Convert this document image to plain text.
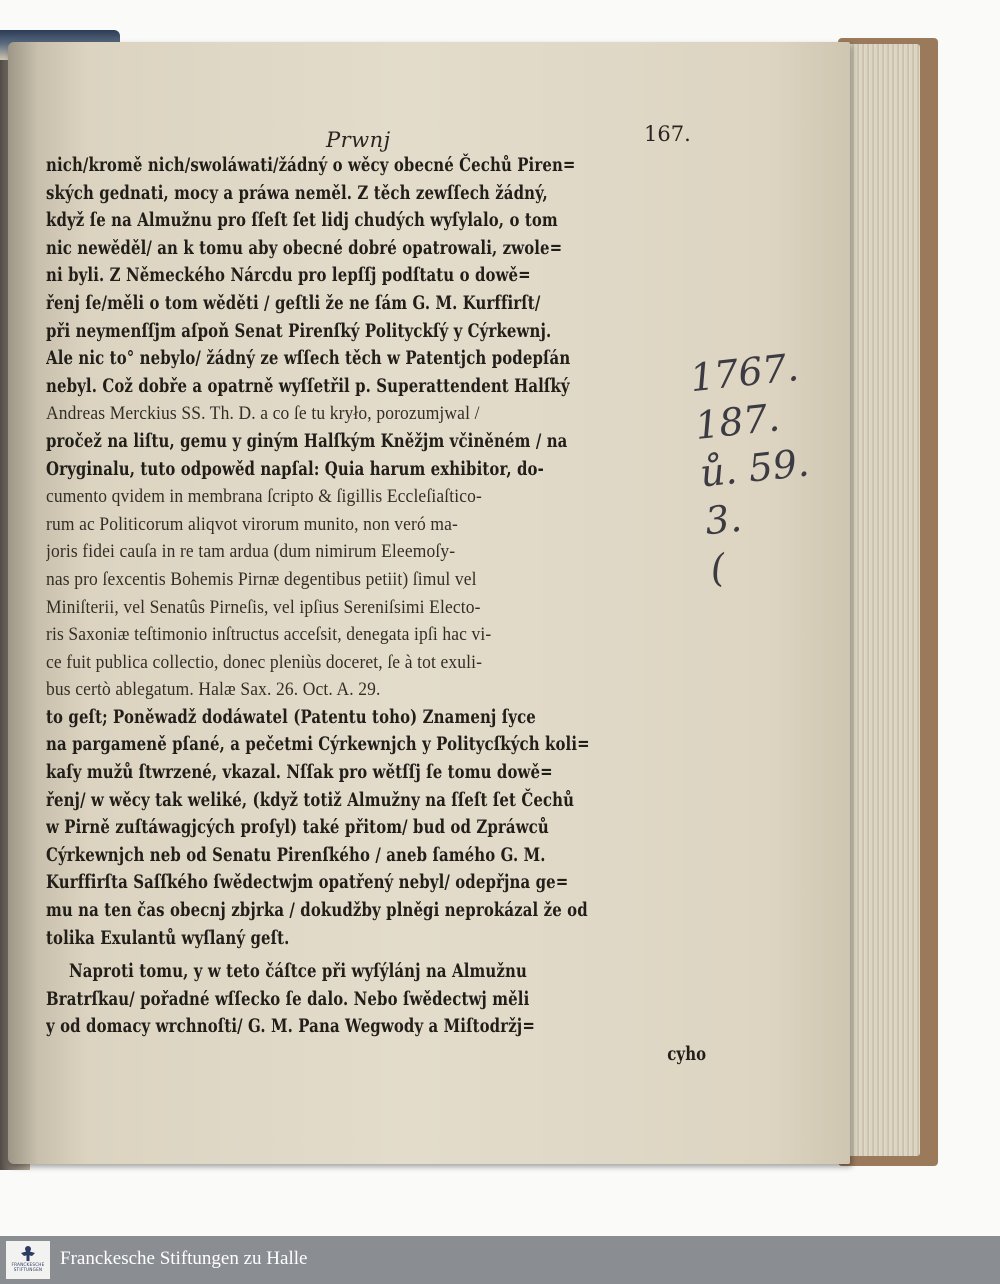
Prwnj	167.
nich/kromě nich/swoláwati/žádný o wěcy obecné Čechů Piren=
ských gednati, mocy a práwa neměl. Z těch zewſſech žádný,
když ſe na Almužnu pro ſſeſt ſet lidj chudých wyſylalo, o tom
nic newěděl/ an k tomu aby obecné dobré opatrowali, zwole=
ni byli. Z Německého Nárcdu pro lepſſj podſtatu o dowě=
řenj ſe/měli o tom wěděti / geſtli že ne ſám G. M. Kurffirſt/
při neymenſſjm aſpoň Senat Pirenſký Polityckſý y Cýrkewnj.
Ale nic to° nebylo/ žádný ze wſſech těch w Patentjch podepſán
nebyl. Což dobře a opatrně wyſſetřil p. Superattendent Halſký
Andreas Merckius SS. Th. D. a co ſe tu kryło, porozumjwal /
pročež na liſtu, gemu y giným Halſkým Kněžjm včiněném / na
Oryginalu, tuto odpowěd napſal: Quia harum exhibitor, do-
cumento qvidem in membrana ſcripto & ſigillis Eccleſiaſtico-
rum ac Politicorum aliqvot virorum munito, non veró ma-
joris fidei cauſa in re tam ardua (dum nimirum Eleemoſy-
nas pro ſexcentis Bohemis Pirnæ degentibus petiit) ſimul vel
Miniſterii, vel Senatûs Pirneſis, vel ipſius Sereniſsimi Electo-
ris Saxoniæ teſtimonio inſtructus acceſsit, denegata ipſi hac vi-
ce fuit publica collectio, donec pleniùs doceret, ſe à tot exuli-
bus certò ablegatum. Halæ Sax. 26. Oct. A. 29.
to geſt; Poněwadž dodáwatel (Patentu toho) Znamenj ſyce
na pargameně pſané, a pečetmi Cýrkewnjch y Politycſkých koli=
kaſy mužů ſtwrzené, vkazal. Nſſak pro wětſſj ſe tomu dowě=
řenj/ w wěcy tak weliké, (když totiž Almužny na ſſeſt ſet Čechů
w Pirně zuſtáwagjcých proſyl) také přitom/ bud od Zpráwců
Cýrkewnjch neb od Senatu Pirenſkého / aneb ſamého G. M.
Kurffirſta Saſſkého ſwědectwjm opatřený nebyl/ odepřjna ge=
mu na ten čas obecnj zbjrka / dokudžby plněgi neprokázal že od
tolika Exulantů wyſlaný geſt.
Naproti tomu, y w teto čáſtce při wyſýlánj na Almužnu
Bratrſkau/ pořadné wſſecko ſe dalo. Nebo ſwědectwj měli
y od domacy wrchnoſti/ G. M. Pana Wegwody a Miſtodržj=
cyho
1767.
187.
ů. 59.
3.
(
FRANCKESCHE
STIFTUNGEN
Franckesche Stiftungen zu Halle
